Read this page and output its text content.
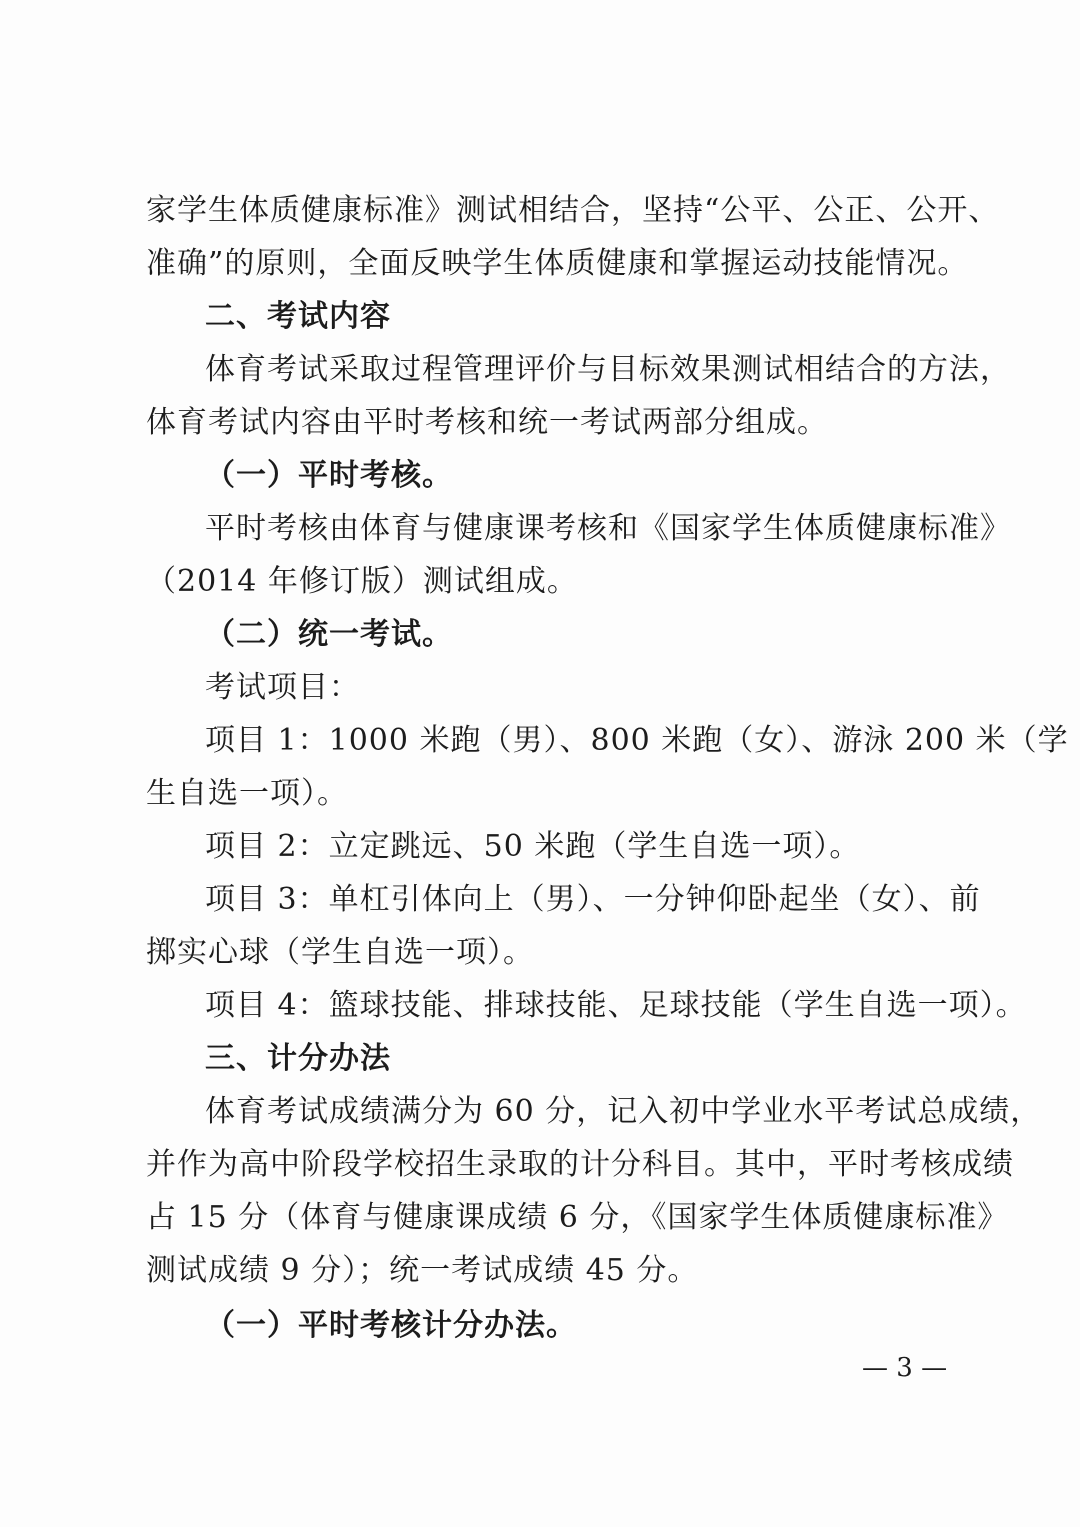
家学生体质健康标准》测试相结合，坚持“公平、公正、公开、
准确”的原则，全面反映学生体质健康和掌握运动技能情况。
二、考试内容
体育考试采取过程管理评价与目标效果测试相结合的方法，
体育考试内容由平时考核和统一考试两部分组成。
（一）平时考核。
平时考核由体育与健康课考核和《国家学生体质健康标准》
（2014 年修订版）测试组成。
（二）统一考试。
考试项目：
项目 1：1000 米跑（男）、800 米跑（女）、游泳 200 米（学
生自选一项）。
项目 2：立定跳远、50 米跑（学生自选一项）。
项目 3：单杠引体向上（男）、一分钟仰卧起坐（女）、前
掷实心球（学生自选一项）。
项目 4：篮球技能、排球技能、足球技能（学生自选一项）。
三、计分办法
体育考试成绩满分为 60 分，记入初中学业水平考试总成绩，
并作为高中阶段学校招生录取的计分科目。其中，平时考核成绩
占 15 分（体育与健康课成绩 6 分，《国家学生体质健康标准》
测试成绩 9 分）；统一考试成绩 45 分。
（一）平时考核计分办法。
— 3 —
